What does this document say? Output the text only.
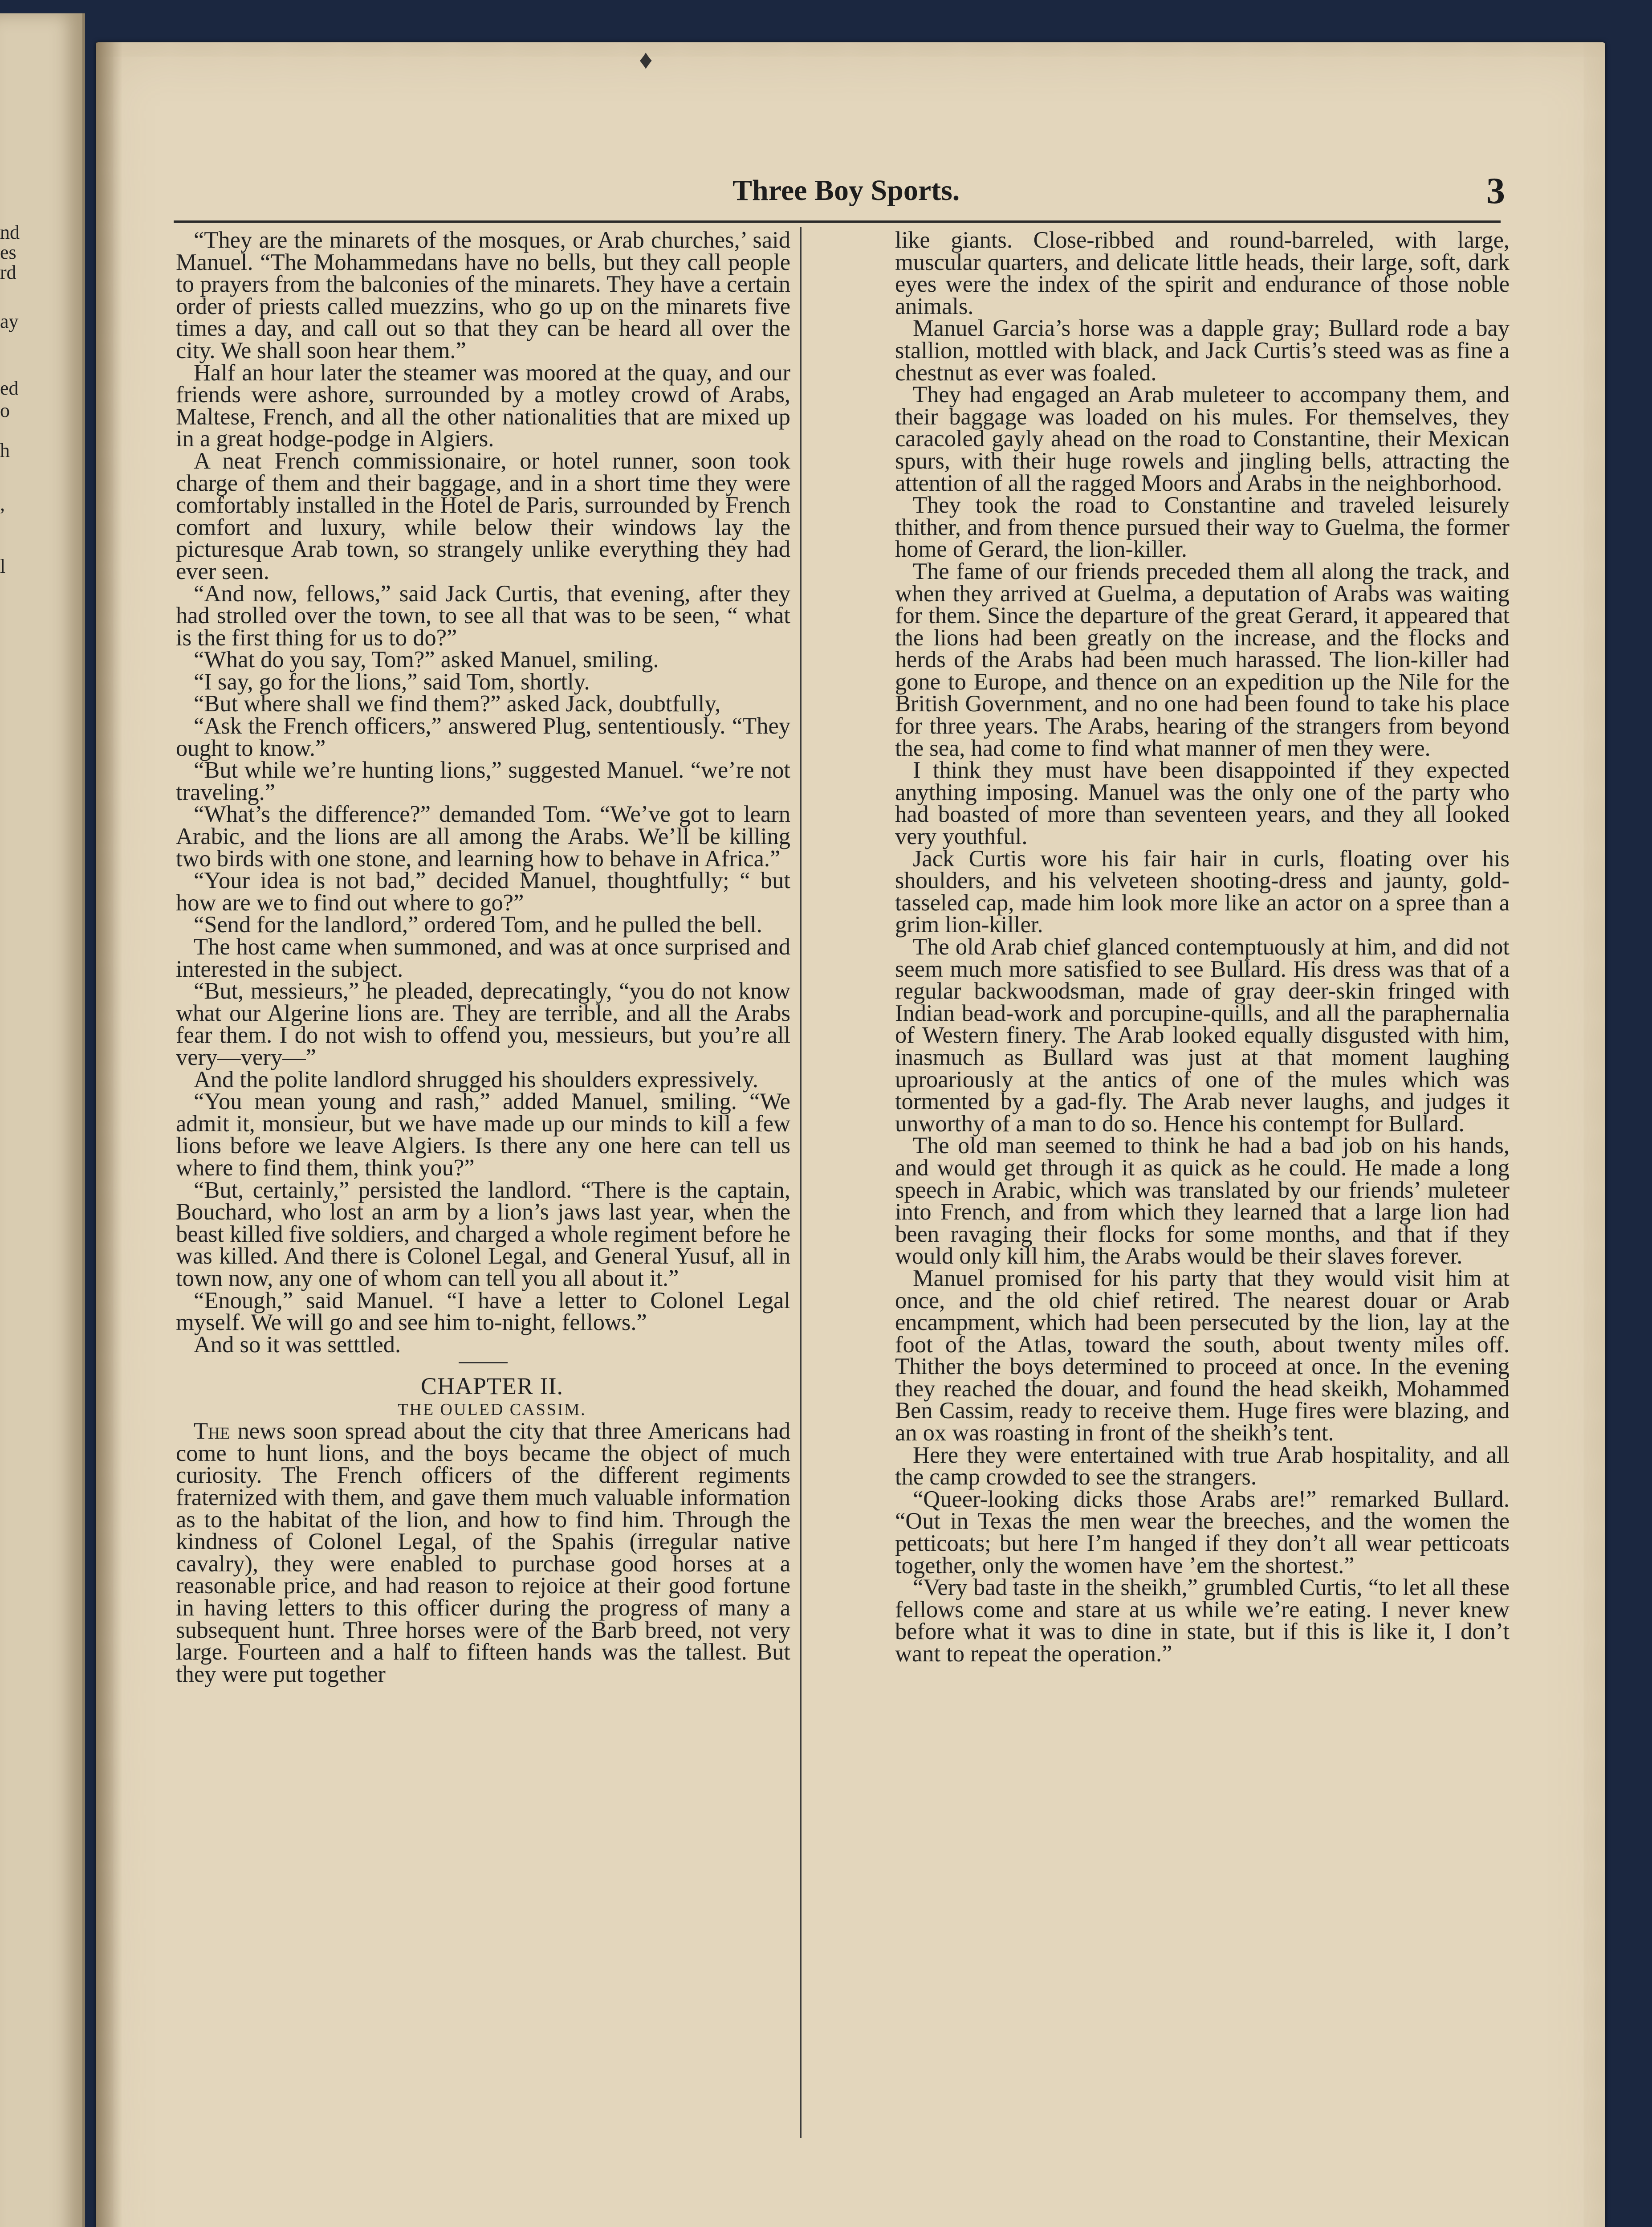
nd
es
rd
ay
ed
o
h
,
l
♦
Three Boy Sports.	3

“They are the minarets of the mosques, or Arab churches,’ said Manuel. “The Mohammedans have no bells, but they call people to prayers from the balconies of the minarets. They have a certain order of priests called muezzins, who go up on the minarets five times a day, and call out so that they can be heard all over the city. We shall soon hear them.”

Half an hour later the steamer was moored at the quay, and our friends were ashore, surrounded by a motley crowd of Arabs, Maltese, French, and all the other nationalities that are mixed up in a great hodge-podge in Algiers.

A neat French commissionaire, or hotel runner, soon took charge of them and their baggage, and in a short time they were comfortably installed in the Hotel de Paris, surrounded by French comfort and luxury, while below their windows lay the picturesque Arab town, so strangely unlike everything they had ever seen.

“And now, fellows,” said Jack Curtis, that evening, after they had strolled over the town, to see all that was to be seen, “ what is the first thing for us to do?”

“What do you say, Tom?” asked Manuel, smiling.

“I say, go for the lions,” said Tom, shortly.

“But where shall we find them?” asked Jack, doubtfully,

“Ask the French officers,” answered Plug, sententiously. “They ought to know.”

“But while we’re hunting lions,” suggested Manuel. “we’re not traveling.”

“What’s the difference?” demanded Tom. “We’ve got to learn Arabic, and the lions are all among the Arabs. We’ll be killing two birds with one stone, and learning how to behave in Africa.”

“Your idea is not bad,” decided Manuel, thoughtfully; “ but how are we to find out where to go?”

“Send for the landlord,” ordered Tom, and he pulled the bell.

The host came when summoned, and was at once surprised and interested in the subject.

“But, messieurs,” he pleaded, deprecatingly, “you do not know what our Algerine lions are. They are terrible, and all the Arabs fear them. I do not wish to offend you, messieurs, but you’re all very—very—”

And the polite landlord shrugged his shoulders expressively.

“You mean young and rash,” added Manuel, smiling. “We admit it, monsieur, but we have made up our minds to kill a few lions before we leave Algiers. Is there any one here can tell us where to find them, think you?”

“But, certainly,” persisted the landlord. “There is the captain, Bouchard, who lost an arm by a lion’s jaws last year, when the beast killed five soldiers, and charged a whole regiment before he was killed. And there is Colonel Legal, and General Yusuf, all in town now, any one of whom can tell you all about it.”

“Enough,” said Manuel. “I have a letter to Colonel Legal myself. We will go and see him to-night, fellows.”

And so it was setttled.

CHAPTER II.

THE OULED CASSIM.

The news soon spread about the city that three Americans had come to hunt lions, and the boys became the object of much curiosity. The French officers of the different regiments fraternized with them, and gave them much valuable information as to the habitat of the lion, and how to find him. Through the kindness of Colonel Legal, of the Spahis (irregular native cavalry), they were enabled to purchase good horses at a reasonable price, and had reason to rejoice at their good fortune in having letters to this officer during the progress of many a subsequent hunt. Three horses were of the Barb breed, not very large. Fourteen and a half to fifteen hands was the tallest. But they were put together

like giants. Close-ribbed and round-barreled, with large, muscular quarters, and delicate little heads, their large, soft, dark eyes were the index of the spirit and endurance of those noble animals.

Manuel Garcia’s horse was a dapple gray; Bullard rode a bay stallion, mottled with black, and Jack Curtis’s steed was as fine a chestnut as ever was foaled.

They had engaged an Arab muleteer to accompany them, and their baggage was loaded on his mules. For themselves, they caracoled gayly ahead on the road to Constantine, their Mexican spurs, with their huge rowels and jingling bells, attracting the attention of all the ragged Moors and Arabs in the neighborhood.

They took the road to Constantine and traveled leisurely thither, and from thence pursued their way to Guelma, the former home of Gerard, the lion-killer.

The fame of our friends preceded them all along the track, and when they arrived at Guelma, a deputation of Arabs was waiting for them. Since the departure of the great Gerard, it appeared that the lions had been greatly on the increase, and the flocks and herds of the Arabs had been much harassed. The lion-killer had gone to Europe, and thence on an expedition up the Nile for the British Government, and no one had been found to take his place for three years. The Arabs, hearing of the strangers from beyond the sea, had come to find what manner of men they were.

I think they must have been disappointed if they expected anything imposing. Manuel was the only one of the party who had boasted of more than seventeen years, and they all looked very youthful.

Jack Curtis wore his fair hair in curls, floating over his shoulders, and his velveteen shooting-dress and jaunty, gold-tasseled cap, made him look more like an actor on a spree than a grim lion-killer.

The old Arab chief glanced contemptuously at him, and did not seem much more satisfied to see Bullard. His dress was that of a regular backwoodsman, made of gray deer-skin fringed with Indian bead-work and porcupine-quills, and all the paraphernalia of Western finery. The Arab looked equally disgusted with him, inasmuch as Bullard was just at that moment laughing uproariously at the antics of one of the mules which was tormented by a gad-fly. The Arab never laughs, and judges it unworthy of a man to do so. Hence his contempt for Bullard.

The old man seemed to think he had a bad job on his hands, and would get through it as quick as he could. He made a long speech in Arabic, which was translated by our friends’ muleteer into French, and from which they learned that a large lion had been ravaging their flocks for some months, and that if they would only kill him, the Arabs would be their slaves forever.

Manuel promised for his party that they would visit him at once, and the old chief retired. The nearest douar or Arab encampment, which had been persecuted by the lion, lay at the foot of the Atlas, toward the south, about twenty miles off. Thither the boys determined to proceed at once. In the evening they reached the douar, and found the head skeikh, Mohammed Ben Cassim, ready to receive them. Huge fires were blazing, and an ox was roasting in front of the sheikh’s tent.

Here they were entertained with true Arab hospitality, and all the camp crowded to see the strangers.

“Queer-looking dicks those Arabs are!” remarked Bullard. “Out in Texas the men wear the breeches, and the women the petticoats; but here I’m hanged if they don’t all wear petticoats together, only the women have ’em the shortest.”

“Very bad taste in the sheikh,” grumbled Curtis, “to let all these fellows come and stare at us while we’re eating. I never knew before what it was to dine in state, but if this is like it, I don’t want to repeat the operation.”
